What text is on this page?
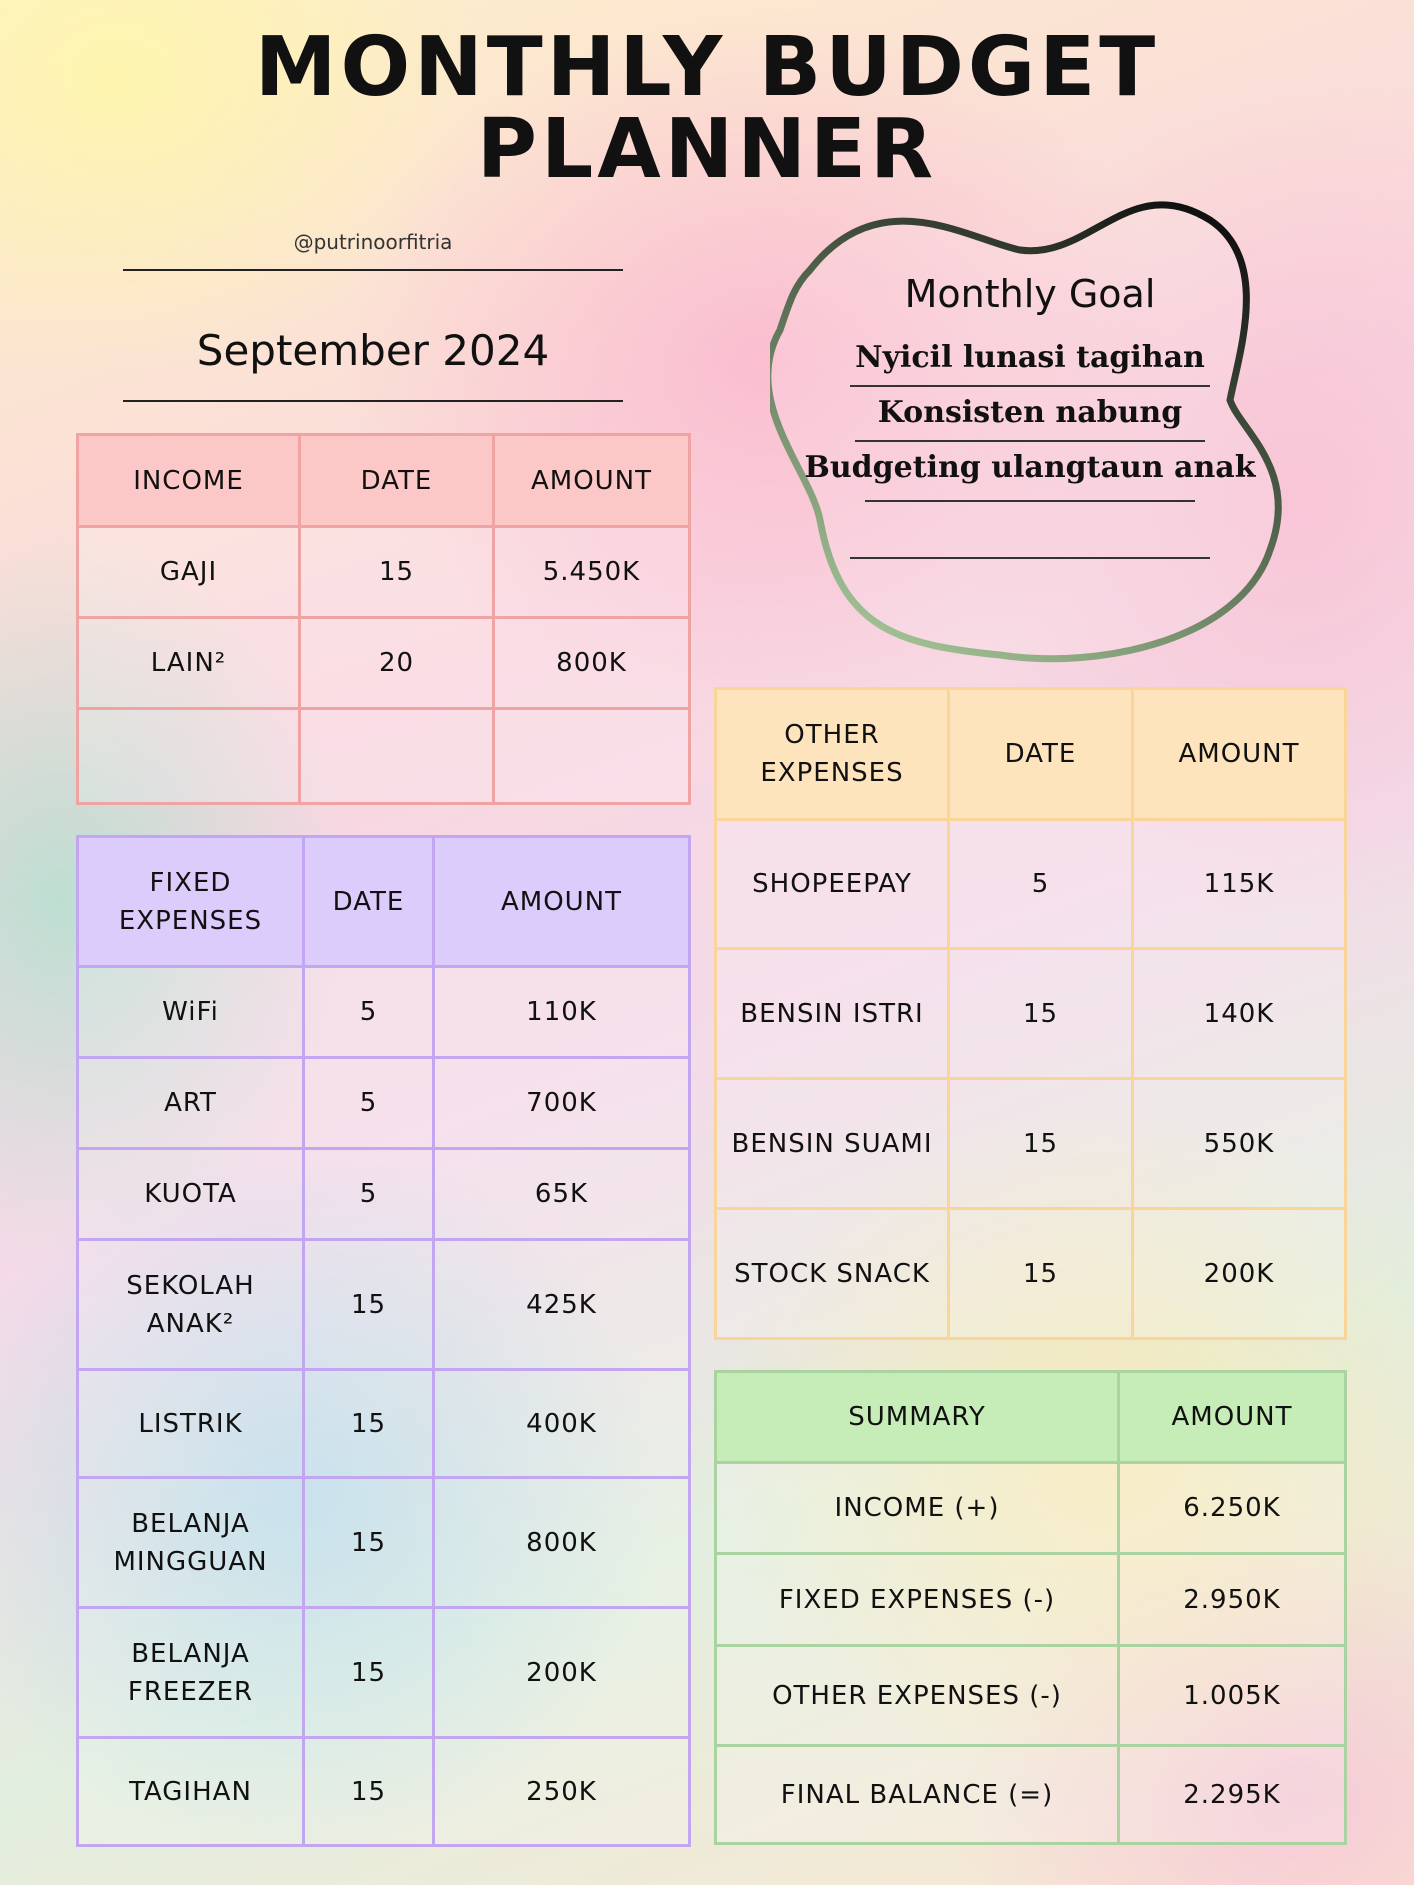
MONTHLY BUDGET
PLANNER
@putrinoorfitria
September 2024
Monthly Goal
Nyicil lunasi tagihan
Konsisten nabung
Budgeting ulangtaun anak
INCOME	DATE	AMOUNT
GAJI	15	5.450K
LAIN²	20	800K

FIXED EXPENSES	DATE	AMOUNT
WiFi	5	110K
ART	5	700K
KUOTA	5	65K
SEKOLAH ANAK²	15	425K
LISTRIK	15	400K
BELANJA MINGGUAN	15	800K
BELANJA FREEZER	15	200K
TAGIHAN	15	250K
OTHER EXPENSES	DATE	AMOUNT
SHOPEEPAY	5	115K
BENSIN ISTRI	15	140K
BENSIN SUAMI	15	550K
STOCK SNACK	15	200K
SUMMARY	AMOUNT
INCOME (+)	6.250K
FIXED EXPENSES (-)	2.950K
OTHER EXPENSES (-)	1.005K
FINAL BALANCE (=)	2.295K
